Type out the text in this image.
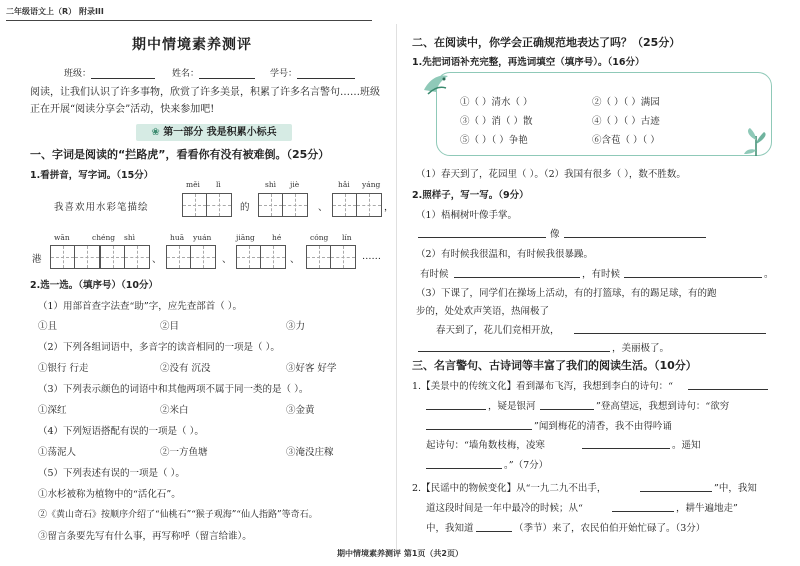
二年级语文上（R） 附录III
期中情境素养测评
班级：	姓名：	学号：
阅读，让我们认识了许多事物，欣赏了许多美景，积累了许多名言警句……班级正在开展“阅读分享会”活动，快来参加吧!
❀ 第一部分 我是积累小标兵
一、字词是阅读的“拦路虎”，看看你有没有被难倒。（25分）
1.看拼音，写字词。（15分）
měi lì	shì jiè	hǎi yáng
我喜欢用水彩笔描绘	的	、	，
wān	chéng shì	huā yuán	jiāng hé	cóng lín
港	、	、	、	……
2.选一选。（填序号）（10分）
（1）用部首查字法查“助”字，应先查部首（ ）。
①且	②目	③力
（2）下列各组词语中，多音字的读音相同的一项是（ ）。
①银行 行走	②没有 沉没	③好客 好学
（3）下列表示颜色的词语中和其他两项不属于同一类的是（ ）。
①深红	②米白	③金黄
（4）下列短语搭配有误的一项是（ ）。
①荡泥人	②一方鱼塘	③淹没庄稼
（5）下列表述有误的一项是（ ）。
①水杉被称为植物中的“活化石”。
②《黄山奇石》按顺序介绍了“仙桃石”“猴子观海”“仙人指路”等奇石。
③留言条要先写有什么事，再写称呼（留言给谁）。
二、在阅读中，你学会正确规范地表达了吗？（25分）
1.先把词语补充完整，再选词填空（填序号）。（16分）
①（ ）清水（ ）	②（ ）（ ）满园
③（ ）消（ ）散	④（ ）（ ）古迹
⑤（ ）（ ）争艳	⑥含苞（ ）（ ）
（1）春天到了，花园里（ ）。（2）我国有很多（ ），数不胜数。
2.照样子，写一写。（9分）
（1）梧桐树叶像手掌。
像
（2）有时候我很温和，有时候我很暴躁。
有时候	，有时候	。
（3）下课了，同学们在操场上活动，有的打篮球，有的踢足球，有的跑
步的，处处欢声笑语，热闹极了
春天到了，花儿们竞相开放，
，美丽极了。
三、名言警句、古诗词等丰富了我们的阅读生活。（10分）
1.【美景中的传统文化】看到瀑布飞泻，我想到李白的诗句：“
，疑是银河	”登高望远，我想到诗句：“欲穷
”闻到梅花的清香，我不由得吟诵
起诗句：“墙角数枝梅，凌寒	。遥知
。”（7分）
2.【民谣中的物候变化】从“一九二九不出手，	”中，我知
道这段时间是一年中最冷的时候；从“	，耕牛遍地走”
中，我知道	（季节）来了，农民伯伯开始忙碌了。（3分）
期中情境素养测评 第1页（共2页）
